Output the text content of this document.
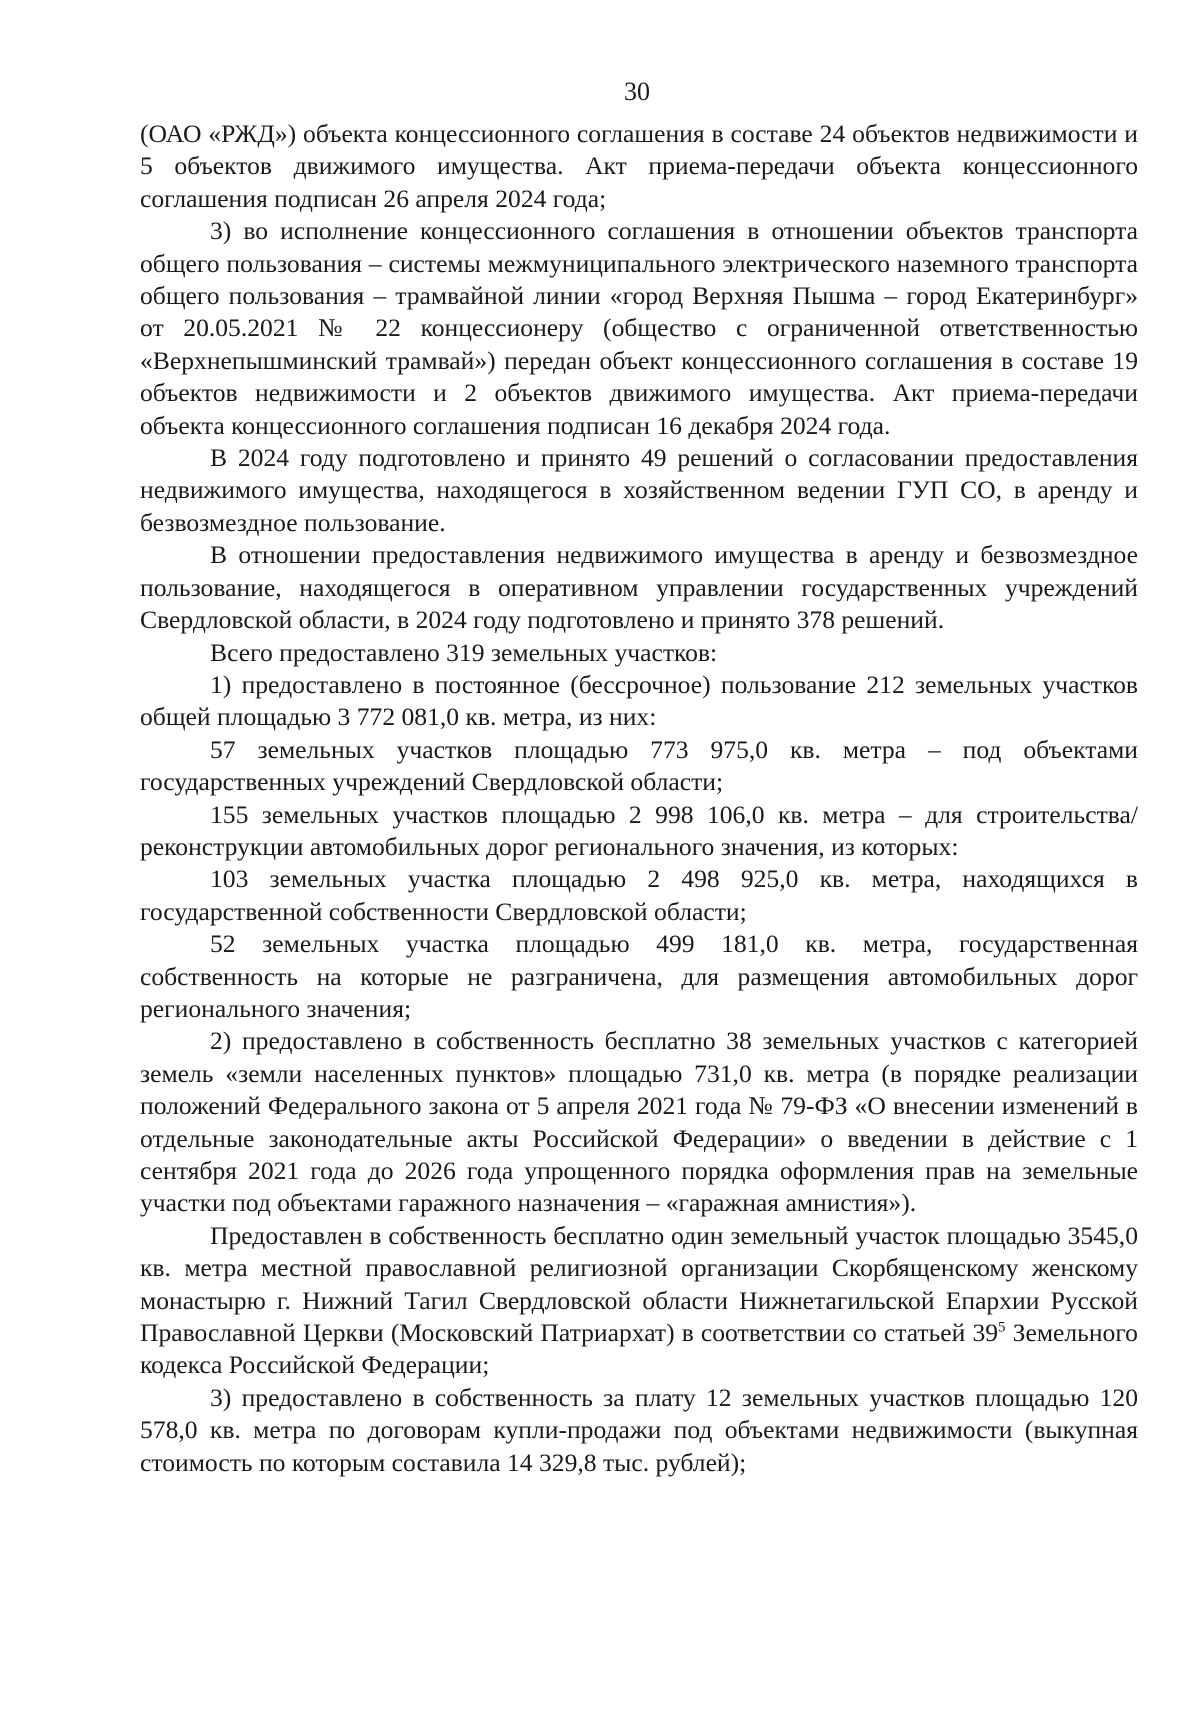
30

(ОАО «РЖД») объекта концессионного соглашения в составе 24 объектов недвижимости и 5 объектов движимого имущества. Акт приема-передачи объекта концессионного соглашения подписан 26 апреля 2024 года;

3) во исполнение концессионного соглашения в отношении объектов транспорта общего пользования – системы межмуниципального электрического наземного транспорта общего пользования – трамвайной линии «город Верхняя Пышма – город Екатеринбург» от 20.05.2021 № 22 концессионеру (общество с ограниченной ответственностью «Верхнепышминский трамвай») передан объект концессионного соглашения в составе 19 объектов недвижимости и 2 объектов движимого имущества. Акт приема-передачи объекта концессионного соглашения подписан 16 декабря 2024 года.

В 2024 году подготовлено и принято 49 решений о согласовании предоставления недвижимого имущества, находящегося в хозяйственном ведении ГУП СО, в аренду и безвозмездное пользование.

В отношении предоставления недвижимого имущества в аренду и безвозмездное пользование, находящегося в оперативном управлении государственных учреждений Свердловской области, в 2024 году подготовлено и принято 378 решений.

Всего предоставлено 319 земельных участков:

1) предоставлено в постоянное (бессрочное) пользование 212 земельных участков общей площадью 3 772 081,0 кв. метра, из них:

57 земельных участков площадью 773 975,0 кв. метра – под объектами государственных учреждений Свердловской области;

155 земельных участков площадью 2 998 106,0 кв. метра – для строительства/ реконструкции автомобильных дорог регионального значения, из которых:

103 земельных участка площадью 2 498 925,0 кв. метра, находящихся в государственной собственности Свердловской области;

52 земельных участка площадью 499 181,0 кв. метра, государственная собственность на которые не разграничена, для размещения автомобильных дорог регионального значения;

2) предоставлено в собственность бесплатно 38 земельных участков с категорией земель «земли населенных пунктов» площадью 731,0 кв. метра (в порядке реализации положений Федерального закона от 5 апреля 2021 года № 79-ФЗ «О внесении изменений в отдельные законодательные акты Российской Федерации» о введении в действие с 1 сентября 2021 года до 2026 года упрощенного порядка оформления прав на земельные участки под объектами гаражного назначения – «гаражная амнистия»).

Предоставлен в собственность бесплатно один земельный участок площадью 3545,0 кв. метра местной православной религиозной организации Скорбященскому женскому монастырю г. Нижний Тагил Свердловской области Нижнетагильской Епархии Русской Православной Церкви (Московский Патриархат) в соответствии со статьей $39^5$ Земельного кодекса Российской Федерации;

3) предоставлено в собственность за плату 12 земельных участков площадью 120 578,0 кв. метра по договорам купли-продажи под объектами недвижимости (выкупная стоимость по которым составила 14 329,8 тыс. рублей);
